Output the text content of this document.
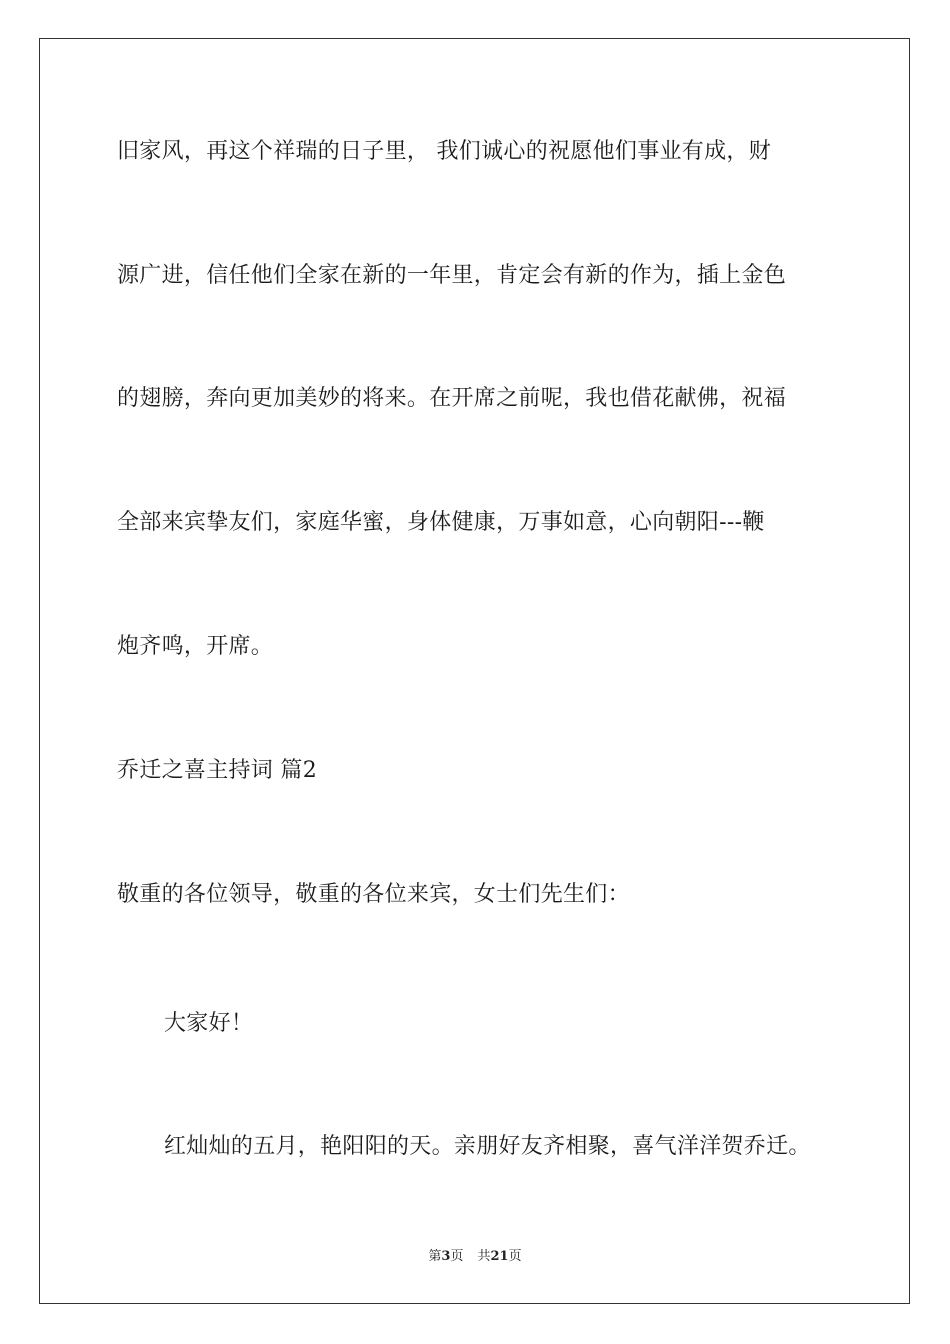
旧家风，再这个祥瑞的日子里， 我们诚心的祝愿他们事业有成，财
源广进，信任他们全家在新的一年里，肯定会有新的作为，插上金色
的翅膀，奔向更加美妙的将来。在开席之前呢，我也借花献佛，祝福
全部来宾挚友们，家庭华蜜，身体健康，万事如意，心向朝阳---鞭
炮齐鸣，开席。
乔迁之喜主持词 篇2
敬重的各位领导，敬重的各位来宾，女士们先生们：
大家好！
红灿灿的五月，艳阳阳的天。亲朋好友齐相聚，喜气洋洋贺乔迁。
第3页 共21页
